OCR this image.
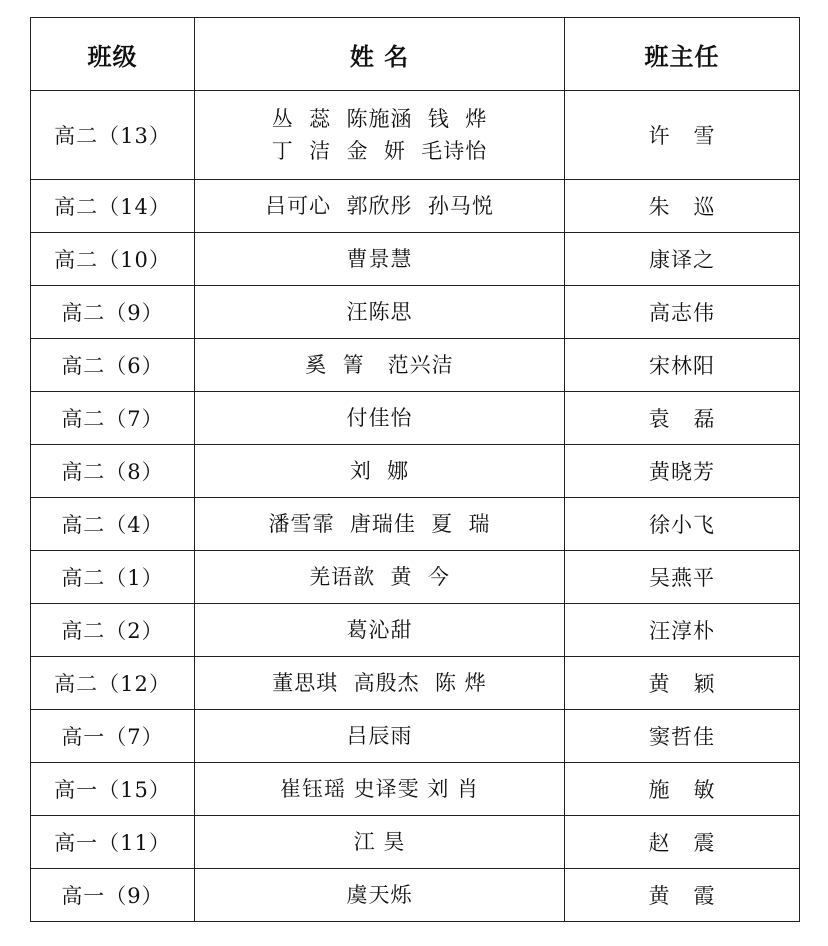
班级	姓 名	班主任
高二（13）	丛  蕊  陈施涵  钱  烨
丁  洁  金  妍  毛诗怡	许   雪
高二（14）	吕可心  郭欣彤  孙马悦	朱   巡
高二（10）	曹景慧	康译之
高二（9）	汪陈思	高志伟
高二（6）	奚  箐   范兴洁	宋林阳
高二（7）	付佳怡	袁   磊
高二（8）	刘  娜	黄晓芳
高二（4）	潘雪霏  唐瑞佳  夏  瑞	徐小飞
高二（1）	羌语歆  黄  今	吴燕平
高二（2）	葛沁甜	汪淳朴
高二（12）	董思琪  高殷杰  陈 烨	黄   颖
高一（7）	吕辰雨	窦哲佳
高一（15）	崔钰瑶 史译雯 刘 肖	施   敏
高一（11）	江 昊	赵   震
高一（9）	虞天烁	黄   霞
